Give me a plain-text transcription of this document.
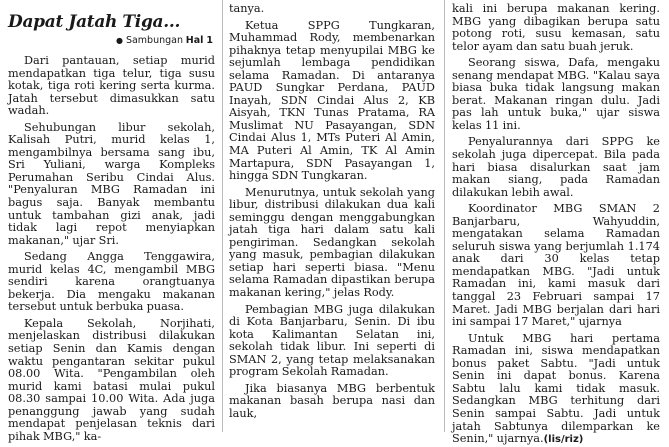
Dapat Jatah Tiga...
● Sambungan Hal 1

Dari pantauan, setiap murid mendapatkan tiga telur, tiga susu kotak, tiga roti kering serta kurma. Jatah tersebut dimasukkan satu wadah.

Sehubungan libur sekolah, Kalisah Putri, murid kelas 1, mengambilnya bersama sang ibu, Sri Yuliani, warga Kompleks Perumahan Seribu Cindai Alus. "Penyaluran MBG Ramadan ini bagus saja. Banyak membantu untuk tambahan gizi anak, jadi tidak lagi repot menyiapkan makanan," ujar Sri.

Sedang Angga Tenggawira, murid kelas 4C, mengambil MBG sendiri karena orangtuanya bekerja. Dia mengaku makanan tersebut untuk berbuka puasa.

Kepala Sekolah, Norjihati, menjelaskan distribusi dilakukan setiap Senin dan Kamis dengan waktu pengantaran sekitar pukul 08.00 Wita. "Pengambilan oleh murid kami batasi mulai pukul 08.30 sampai 10.00 Wita. Ada juga penanggung jawab yang sudah mendapat penjelasan teknis dari pihak MBG," ka-

tanya.

Ketua SPPG Tungkaran, Muhammad Rody, membenarkan pihaknya tetap menyupilai MBG ke sejumlah lembaga pendidikan selama Ramadan. Di antaranya PAUD Sungkar Perdana, PAUD Inayah, SDN Cindai Alus 2, KB Aisyah, TKN Tunas Pratama, RA Muslimat NU Pasayangan, SDN Cindai Alus 1, MTs Puteri Al Amin, MA Puteri Al Amin, TK Al Amin Martapura, SDN Pasayangan 1, hingga SDN Tungkaran.

Menurutnya, untuk sekolah yang libur, distribusi dilakukan dua kali seminggu dengan menggabungkan jatah tiga hari dalam satu kali pengiriman. Sedangkan sekolah yang masuk, pembagian dilakukan setiap hari seperti biasa. "Menu selama Ramadan dipastikan berupa makanan kering," jelas Rody.

Pembagian MBG juga dilakukan di Kota Banjarbaru, Senin. Di ibu kota Kalimantan Selatan ini, sekolah tidak libur. Ini seperti di SMAN 2, yang tetap melaksanakan program Sekolah Ramadan.

Jika biasanya MBG berbentuk makanan basah berupa nasi dan lauk,

kali ini berupa makanan kering. MBG yang dibagikan berupa satu potong roti, susu kemasan, satu telor ayam dan satu buah jeruk.

Seorang siswa, Dafa, mengaku senang mendapat MBG. "Kalau saya biasa buka tidak langsung makan berat. Makanan ringan dulu. Jadi pas lah untuk buka," ujar siswa kelas 11 ini.

Penyalurannya dari SPPG ke sekolah juga dipercepat. Bila pada hari biasa disalurkan saat jam makan siang, pada Ramadan dilakukan lebih awal.

Koordinator MBG SMAN 2 Banjarbaru, Wahyuddin, mengatakan selama Ramadan seluruh siswa yang berjumlah 1.174 anak dari 30 kelas tetap mendapatkan MBG. "Jadi untuk Ramadan ini, kami masuk dari tanggal 23 Februari sampai 17 Maret. Jadi MBG berjalan dari hari ini sampai 17 Maret," ujarnya

Untuk MBG hari pertama Ramadan ini, siswa mendapatkan bonus paket Sabtu. "Jadi untuk Senin ini dapat bonus. Karena Sabtu lalu kami tidak masuk. Sedangkan MBG terhitung dari Senin sampai Sabtu. Jadi untuk jatah Sabtunya dilemparkan ke Senin," ujarnya.(lis/riz)
